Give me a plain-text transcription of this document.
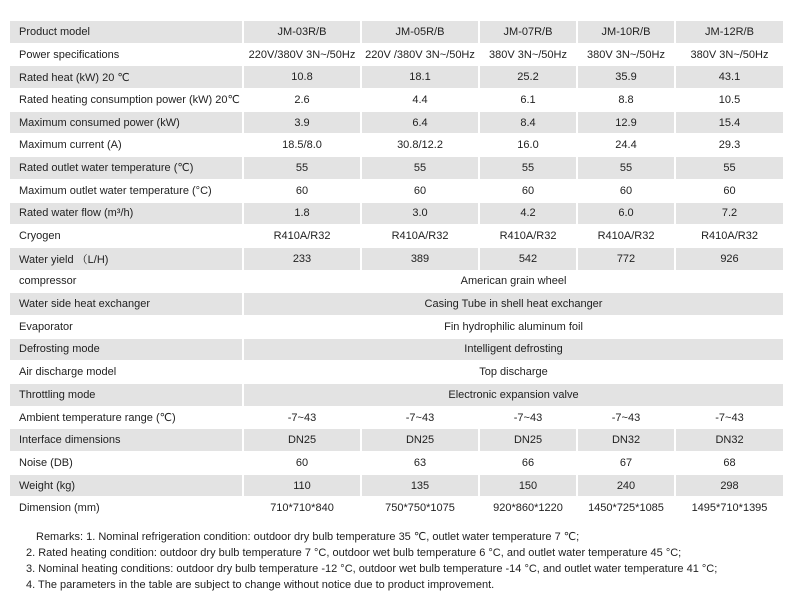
Product model	JM-03R/B	JM-05R/B	JM-07R/B	JM-10R/B	JM-12R/B
Power specifications	220V/380V 3N~/50Hz	220V /380V 3N~/50Hz	380V 3N~/50Hz	380V 3N~/50Hz	380V 3N~/50Hz
Rated heat (kW) 20 ℃	10.8	18.1	25.2	35.9	43.1
Rated heating consumption power (kW) 20℃	2.6	4.4	6.1	8.8	10.5
Maximum consumed power (kW)	3.9	6.4	8.4	12.9	15.4
Maximum current (A)	18.5/8.0	30.8/12.2	16.0	24.4	29.3
Rated outlet water temperature (℃)	55	55	55	55	55
Maximum outlet water temperature (°C)	60	60	60	60	60
Rated water flow (m³/h)	1.8	3.0	4.2	6.0	7.2
Cryogen	R410A/R32	R410A/R32	R410A/R32	R410A/R32	R410A/R32
Water yield （L/H)	233	389	542	772	926
compressor	American grain wheel				
Water side heat exchanger	Casing Tube in shell heat exchanger				
Evaporator	Fin hydrophilic aluminum foil				
Defrosting mode	Intelligent defrosting				
Air discharge model	Top discharge				
Throttling mode	Electronic expansion valve				
Ambient temperature range (℃)	-7~43	-7~43	-7~43	-7~43	-7~43
Interface dimensions	DN25	DN25	DN25	DN32	DN32
Noise (DB)	60	63	66	67	68
Weight (kg)	110	135	150	240	298
Dimension (mm)	710*710*840	750*750*1075	920*860*1220	1450*725*1085	1495*710*1395
Remarks: 1. Nominal refrigeration condition: outdoor dry bulb temperature 35 ℃, outlet water temperature 7 ℃;
2. Rated heating condition: outdoor dry bulb temperature 7 °C, outdoor wet bulb temperature 6 °C, and outlet water temperature 45 °C;
3. Nominal heating conditions: outdoor dry bulb temperature -12 °C, outdoor wet bulb temperature -14 °C, and outlet water temperature 41 °C;
4. The parameters in the table are subject to change without notice due to product improvement.
